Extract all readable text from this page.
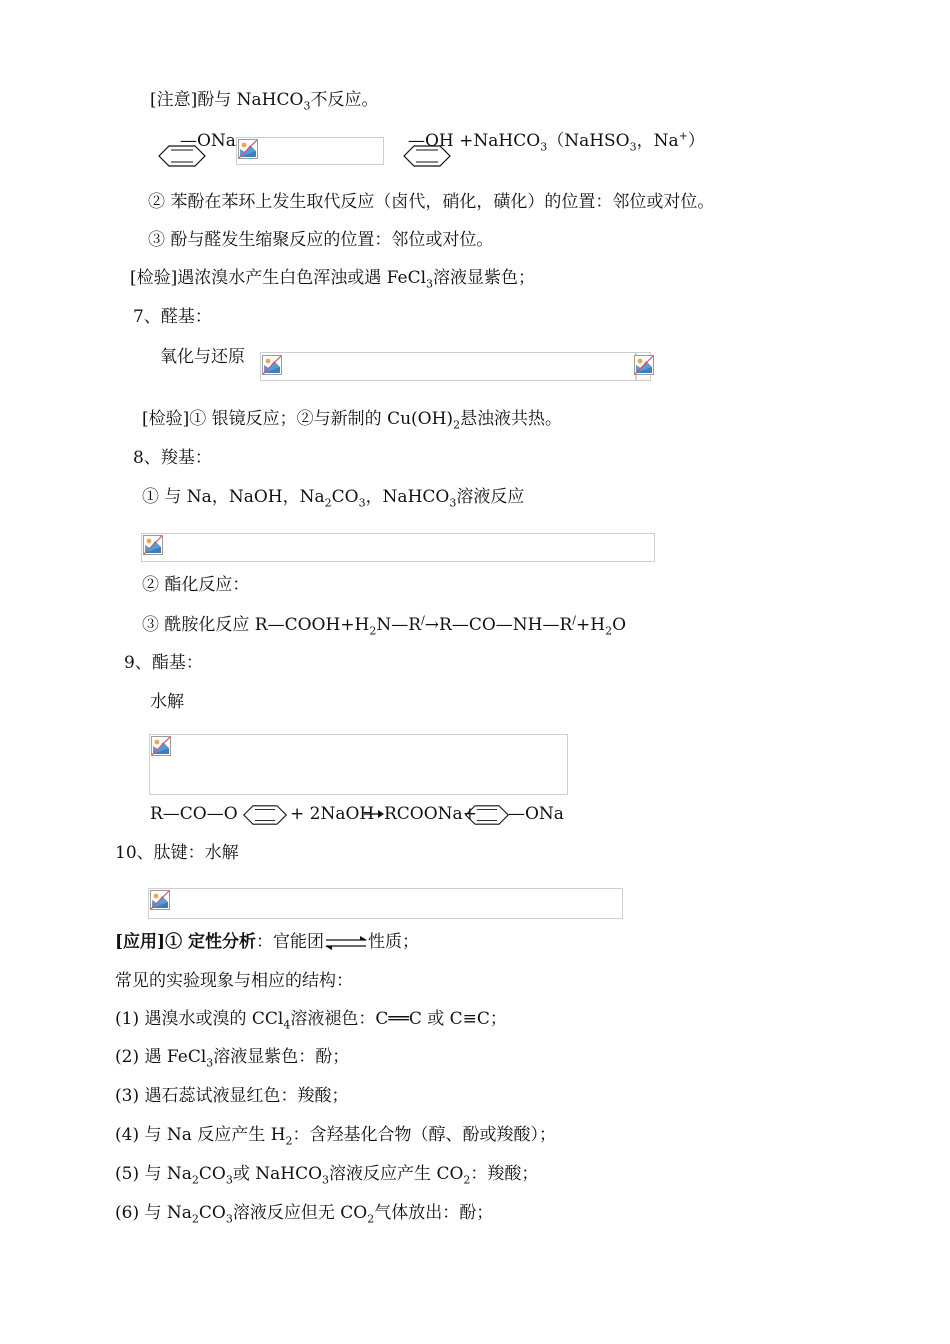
[注意]酚与 NaHCO$_3$不反应。
—ONa	—OH +NaHCO$_3$（NaHSO$_3$，Na+）
② 苯酚在苯环上发生取代反应（卤代，硝化，磺化）的位置：邻位或对位。
③ 酚与醛发生缩聚反应的位置：邻位或对位。
[检验]遇浓溴水产生白色浑浊或遇 FeCl$_3$溶液显紫色；
7、醛基：
氧化与还原
[检验]① 银镜反应；②与新制的 $Cu(OH)_2$悬浊液共热。
8、羧基：
① 与 Na，NaOH，$Na_2CO_3$，NaHCO$_3$溶液反应
② 酯化反应：
③ 酰胺化反应 $R—COOH+H_2N—R^/\to R—CO—NH—R^/+H_2O$
9、酯基：
水解
R—CO—O	+ 2NaOH RCOONa+ —ONa
10、肽键：水解
[应用]① 定性分析：官能团⇌性质；
常见的实验现象与相应的结构：
(1) 遇溴水或溴的 CCl$_4$溶液褪色：C══C 或 C≡C；
(2) 遇 FeCl$_3$溶液显紫色：酚；
(3) 遇石蕊试液显红色：羧酸；
(4) 与 Na 反应产生 $H_2$：含羟基化合物（醇、酚或羧酸）；
(5) 与 $Na_2CO_3$或 NaHCO$_3$溶液反应产生 $CO_2$：羧酸；
(6) 与 $Na_2CO_3$溶液反应但无 $CO_2$气体放出：酚；
